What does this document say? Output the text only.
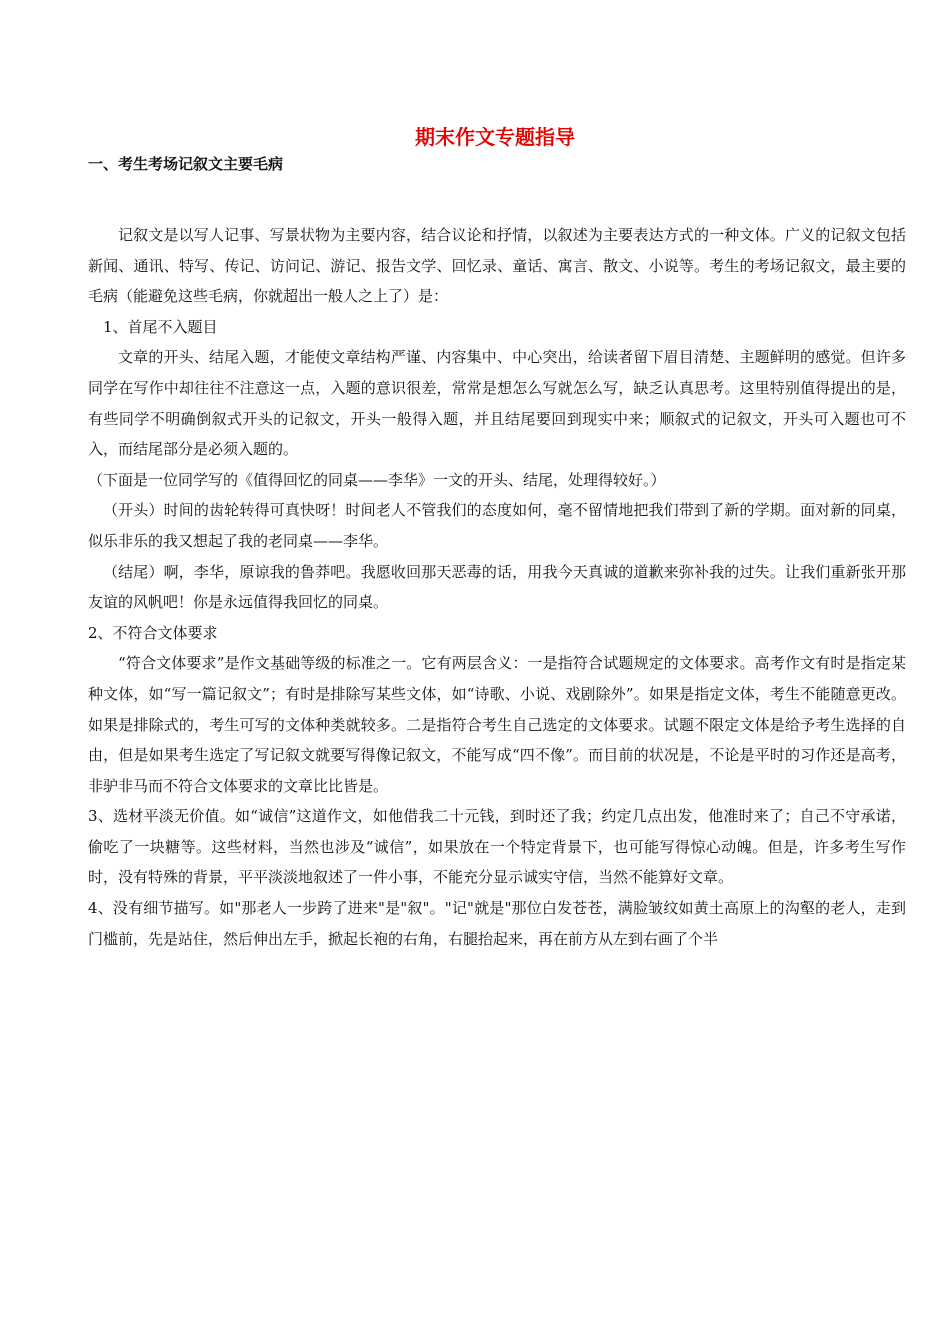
期末作文专题指导
一、考生考场记叙文主要毛病

记叙文是以写人记事、写景状物为主要内容，结合议论和抒情，以叙述为主要表达方式的一种文体。广义的记叙文包括新闻、通讯、特写、传记、访问记、游记、报告文学、回忆录、童话、寓言、散文、小说等。考生的考场记叙文，最主要的毛病（能避免这些毛病，你就超出一般人之上了）是：

1、首尾不入题目

文章的开头、结尾入题，才能使文章结构严谨、内容集中、中心突出，给读者留下眉目清楚、主题鲜明的感觉。但许多同学在写作中却往往不注意这一点，入题的意识很差，常常是想怎么写就怎么写，缺乏认真思考。这里特别值得提出的是，有些同学不明确倒叙式开头的记叙文，开头一般得入题，并且结尾要回到现实中来；顺叙式的记叙文，开头可入题也可不入，而结尾部分是必须入题的。

（下面是一位同学写的《值得回忆的同桌——李华》一文的开头、结尾，处理得较好。）

（开头）时间的齿轮转得可真快呀！时间老人不管我们的态度如何，毫不留情地把我们带到了新的学期。面对新的同桌，似乐非乐的我又想起了我的老同桌——李华。

（结尾）啊，李华，原谅我的鲁莽吧。我愿收回那天恶毒的话，用我今天真诚的道歉来弥补我的过失。让我们重新张开那友谊的风帆吧！你是永远值得我回忆的同桌。

2、不符合文体要求

“符合文体要求”是作文基础等级的标准之一。它有两层含义：一是指符合试题规定的文体要求。高考作文有时是指定某种文体，如“写一篇记叙文”；有时是排除写某些文体，如“诗歌、小说、戏剧除外”。如果是指定文体，考生不能随意更改。如果是排除式的，考生可写的文体种类就较多。二是指符合考生自己选定的文体要求。试题不限定文体是给予考生选择的自由，但是如果考生选定了写记叙文就要写得像记叙文，不能写成“四不像”。而目前的状况是，不论是平时的习作还是高考，非驴非马而不符合文体要求的文章比比皆是。

3、选材平淡无价值。如“诚信”这道作文，如他借我二十元钱，到时还了我；约定几点出发，他准时来了；自己不守承诺，偷吃了一块糖等。这些材料，当然也涉及“诚信”，如果放在一个特定背景下，也可能写得惊心动魄。但是，许多考生写作时，没有特殊的背景，平平淡淡地叙述了一件小事，不能充分显示诚实守信，当然不能算好文章。

4、没有细节描写。如"那老人一步跨了进来"是"叙"。"记"就是"那位白发苍苍，满脸皱纹如黄土高原上的沟壑的老人，走到门槛前，先是站住，然后伸出左手，掀起长袍的右角，右腿抬起来，再在前方从左到右画了个半
